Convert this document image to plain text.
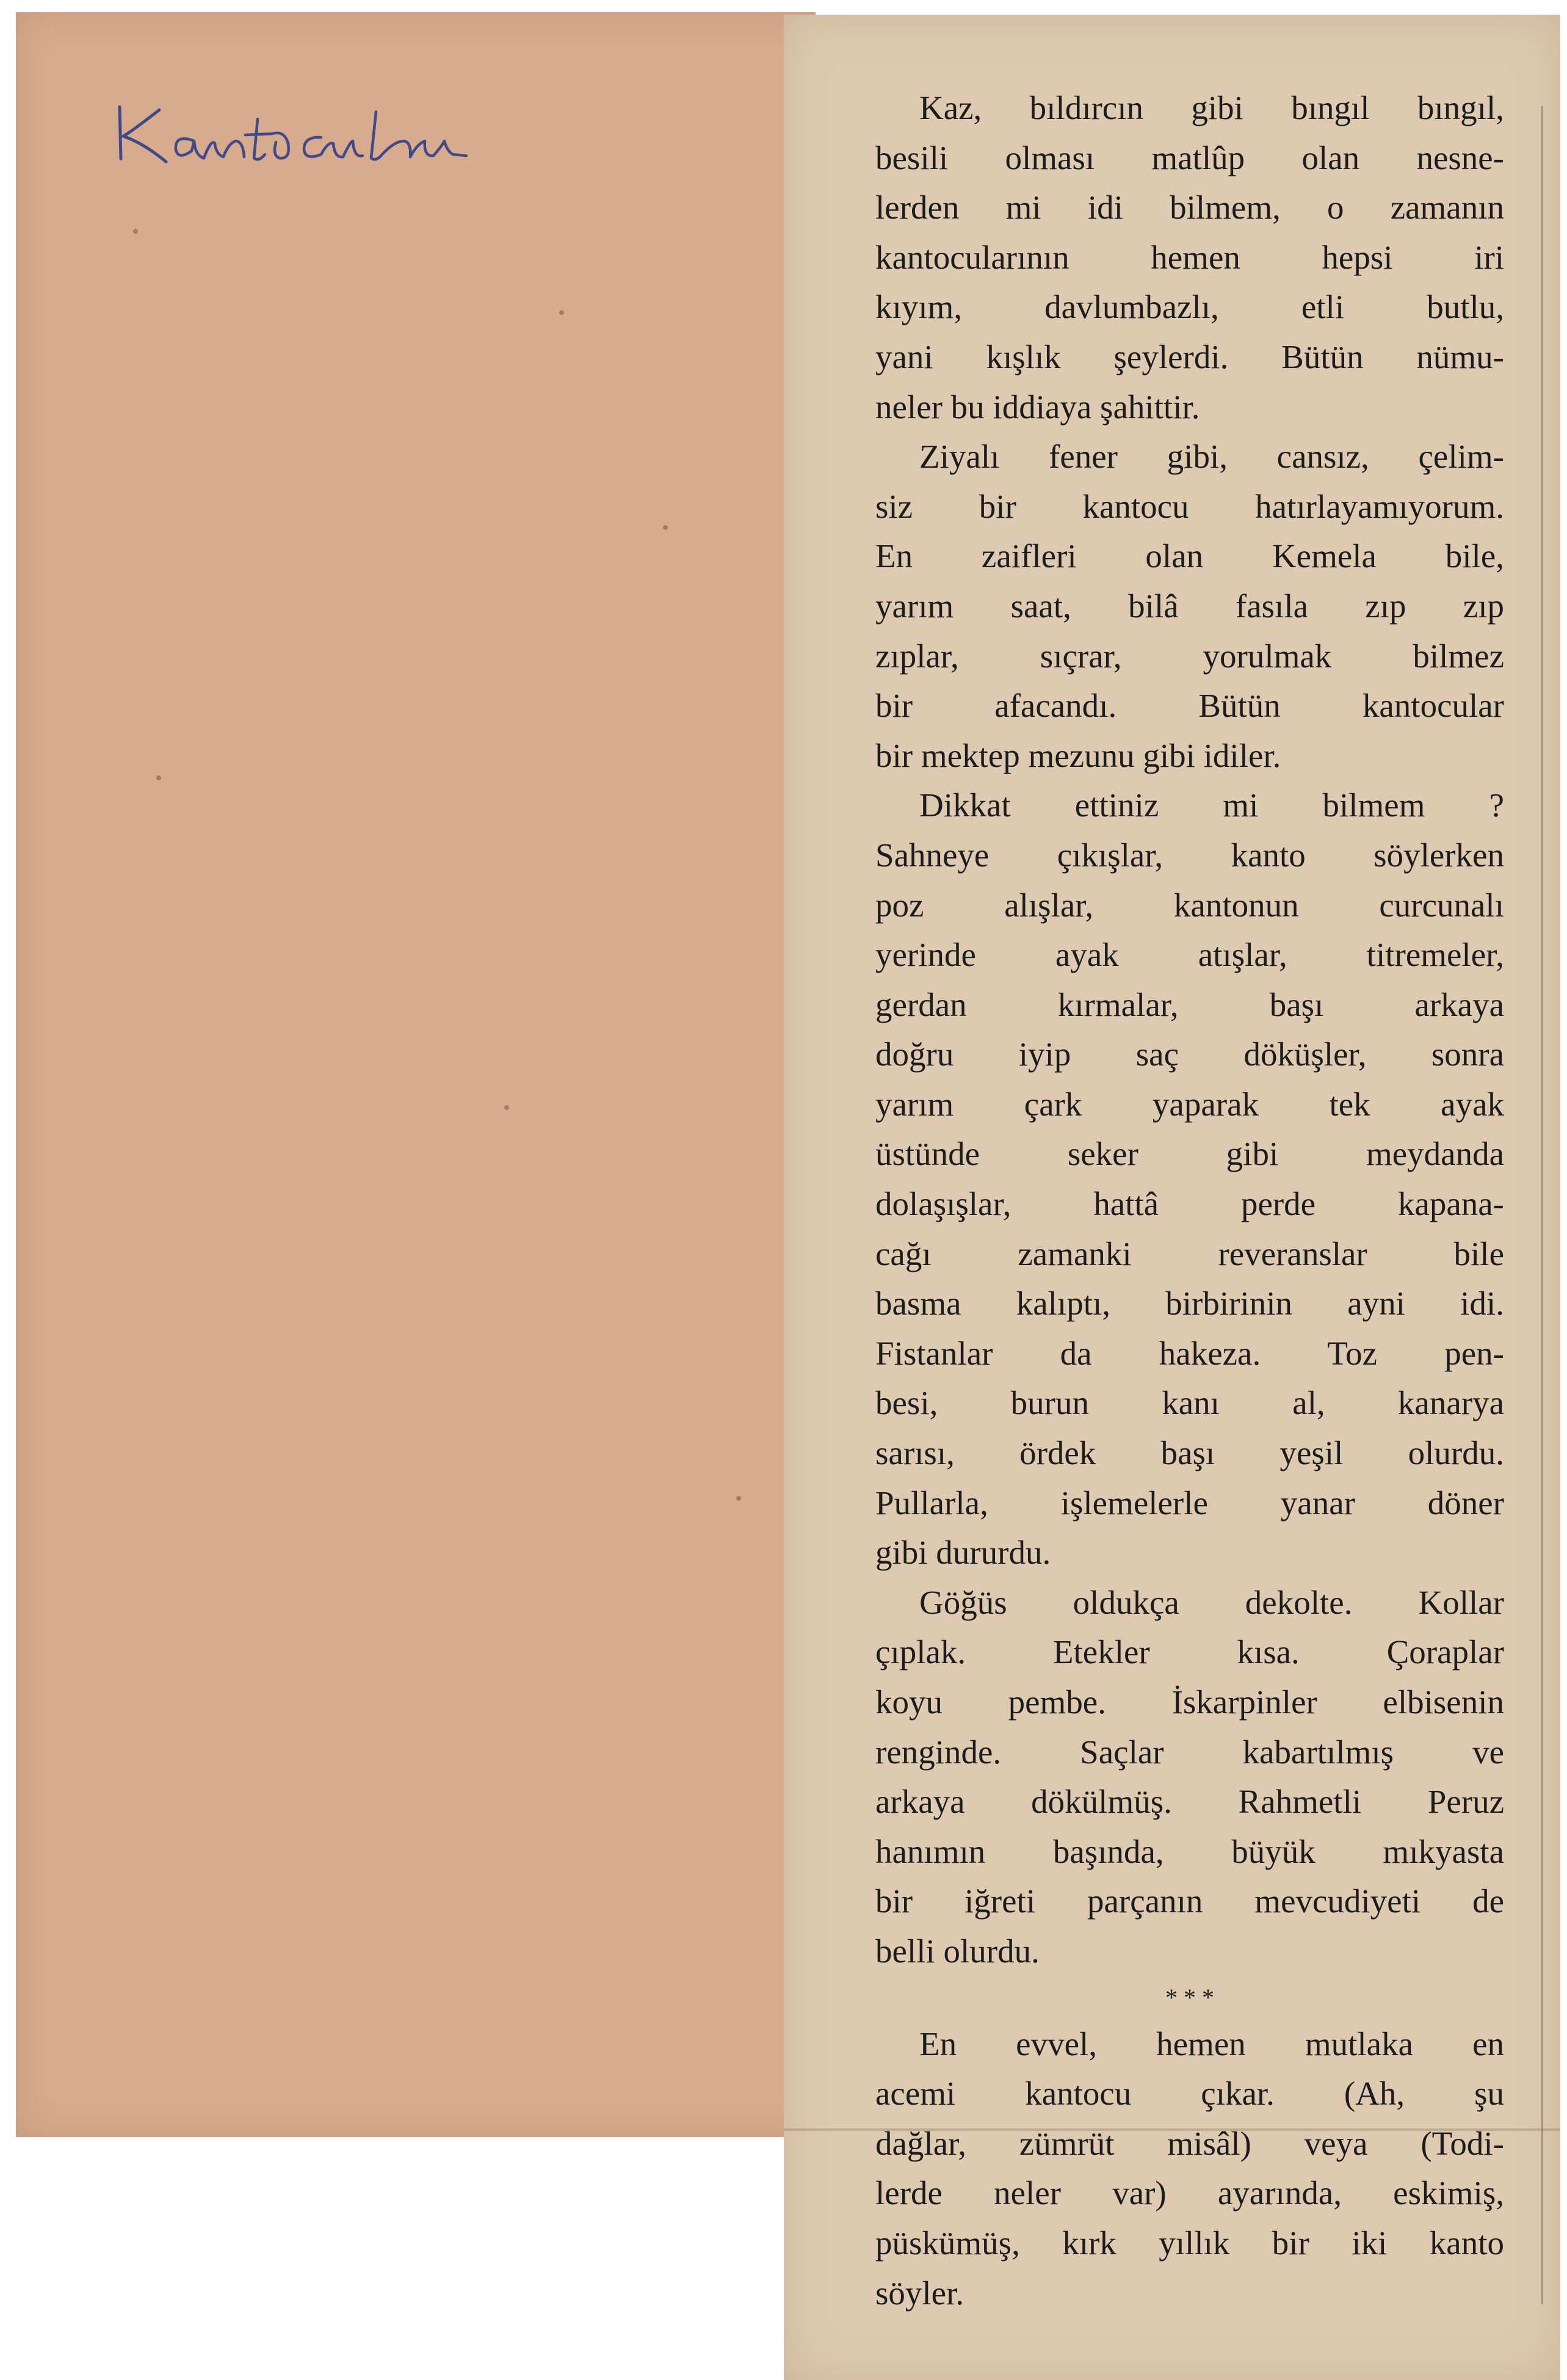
Kaz, bıldırcın gibi bıngıl bıngıl,
besili olması matlûp olan nesne-
lerden mi idi bilmem, o zamanın
kantocularının hemen hepsi iri
kıyım, davlumbazlı, etli butlu,
yani kışlık şeylerdi. Bütün nümu-
neler bu iddiaya şahittir.
Ziyalı fener gibi, cansız, çelim-
siz bir kantocu hatırlayamıyorum.
En zaifleri olan Kemela bile,
yarım saat, bilâ fasıla zıp zıp
zıplar, sıçrar, yorulmak bilmez
bir afacandı. Bütün kantocular
bir mektep mezunu gibi idiler.
Dikkat ettiniz mi bilmem ?
Sahneye çıkışlar, kanto söylerken
poz alışlar, kantonun curcunalı
yerinde ayak atışlar, titremeler,
gerdan kırmalar, başı arkaya
doğru iyip saç döküşler, sonra
yarım çark yaparak tek ayak
üstünde seker gibi meydanda
dolaşışlar, hattâ perde kapana-
cağı zamanki reveranslar bile
basma kalıptı, birbirinin ayni idi.
Fistanlar da hakeza. Toz pen-
besi, burun kanı al, kanarya
sarısı, ördek başı yeşil olurdu.
Pullarla, işlemelerle yanar döner
gibi dururdu.
Göğüs oldukça dekolte. Kollar
çıplak. Etekler kısa. Çoraplar
koyu pembe. İskarpinler elbisenin
renginde. Saçlar kabartılmış ve
arkaya dökülmüş. Rahmetli Peruz
hanımın başında, büyük mıkyasta
bir iğreti parçanın mevcudiyeti de
belli olurdu.
* * *
En evvel, hemen mutlaka en
acemi kantocu çıkar. (Ah, şu
dağlar, zümrüt misâl) veya (Todi-
lerde neler var) ayarında, eskimiş,
püskümüş, kırk yıllık bir iki kanto
söyler.
